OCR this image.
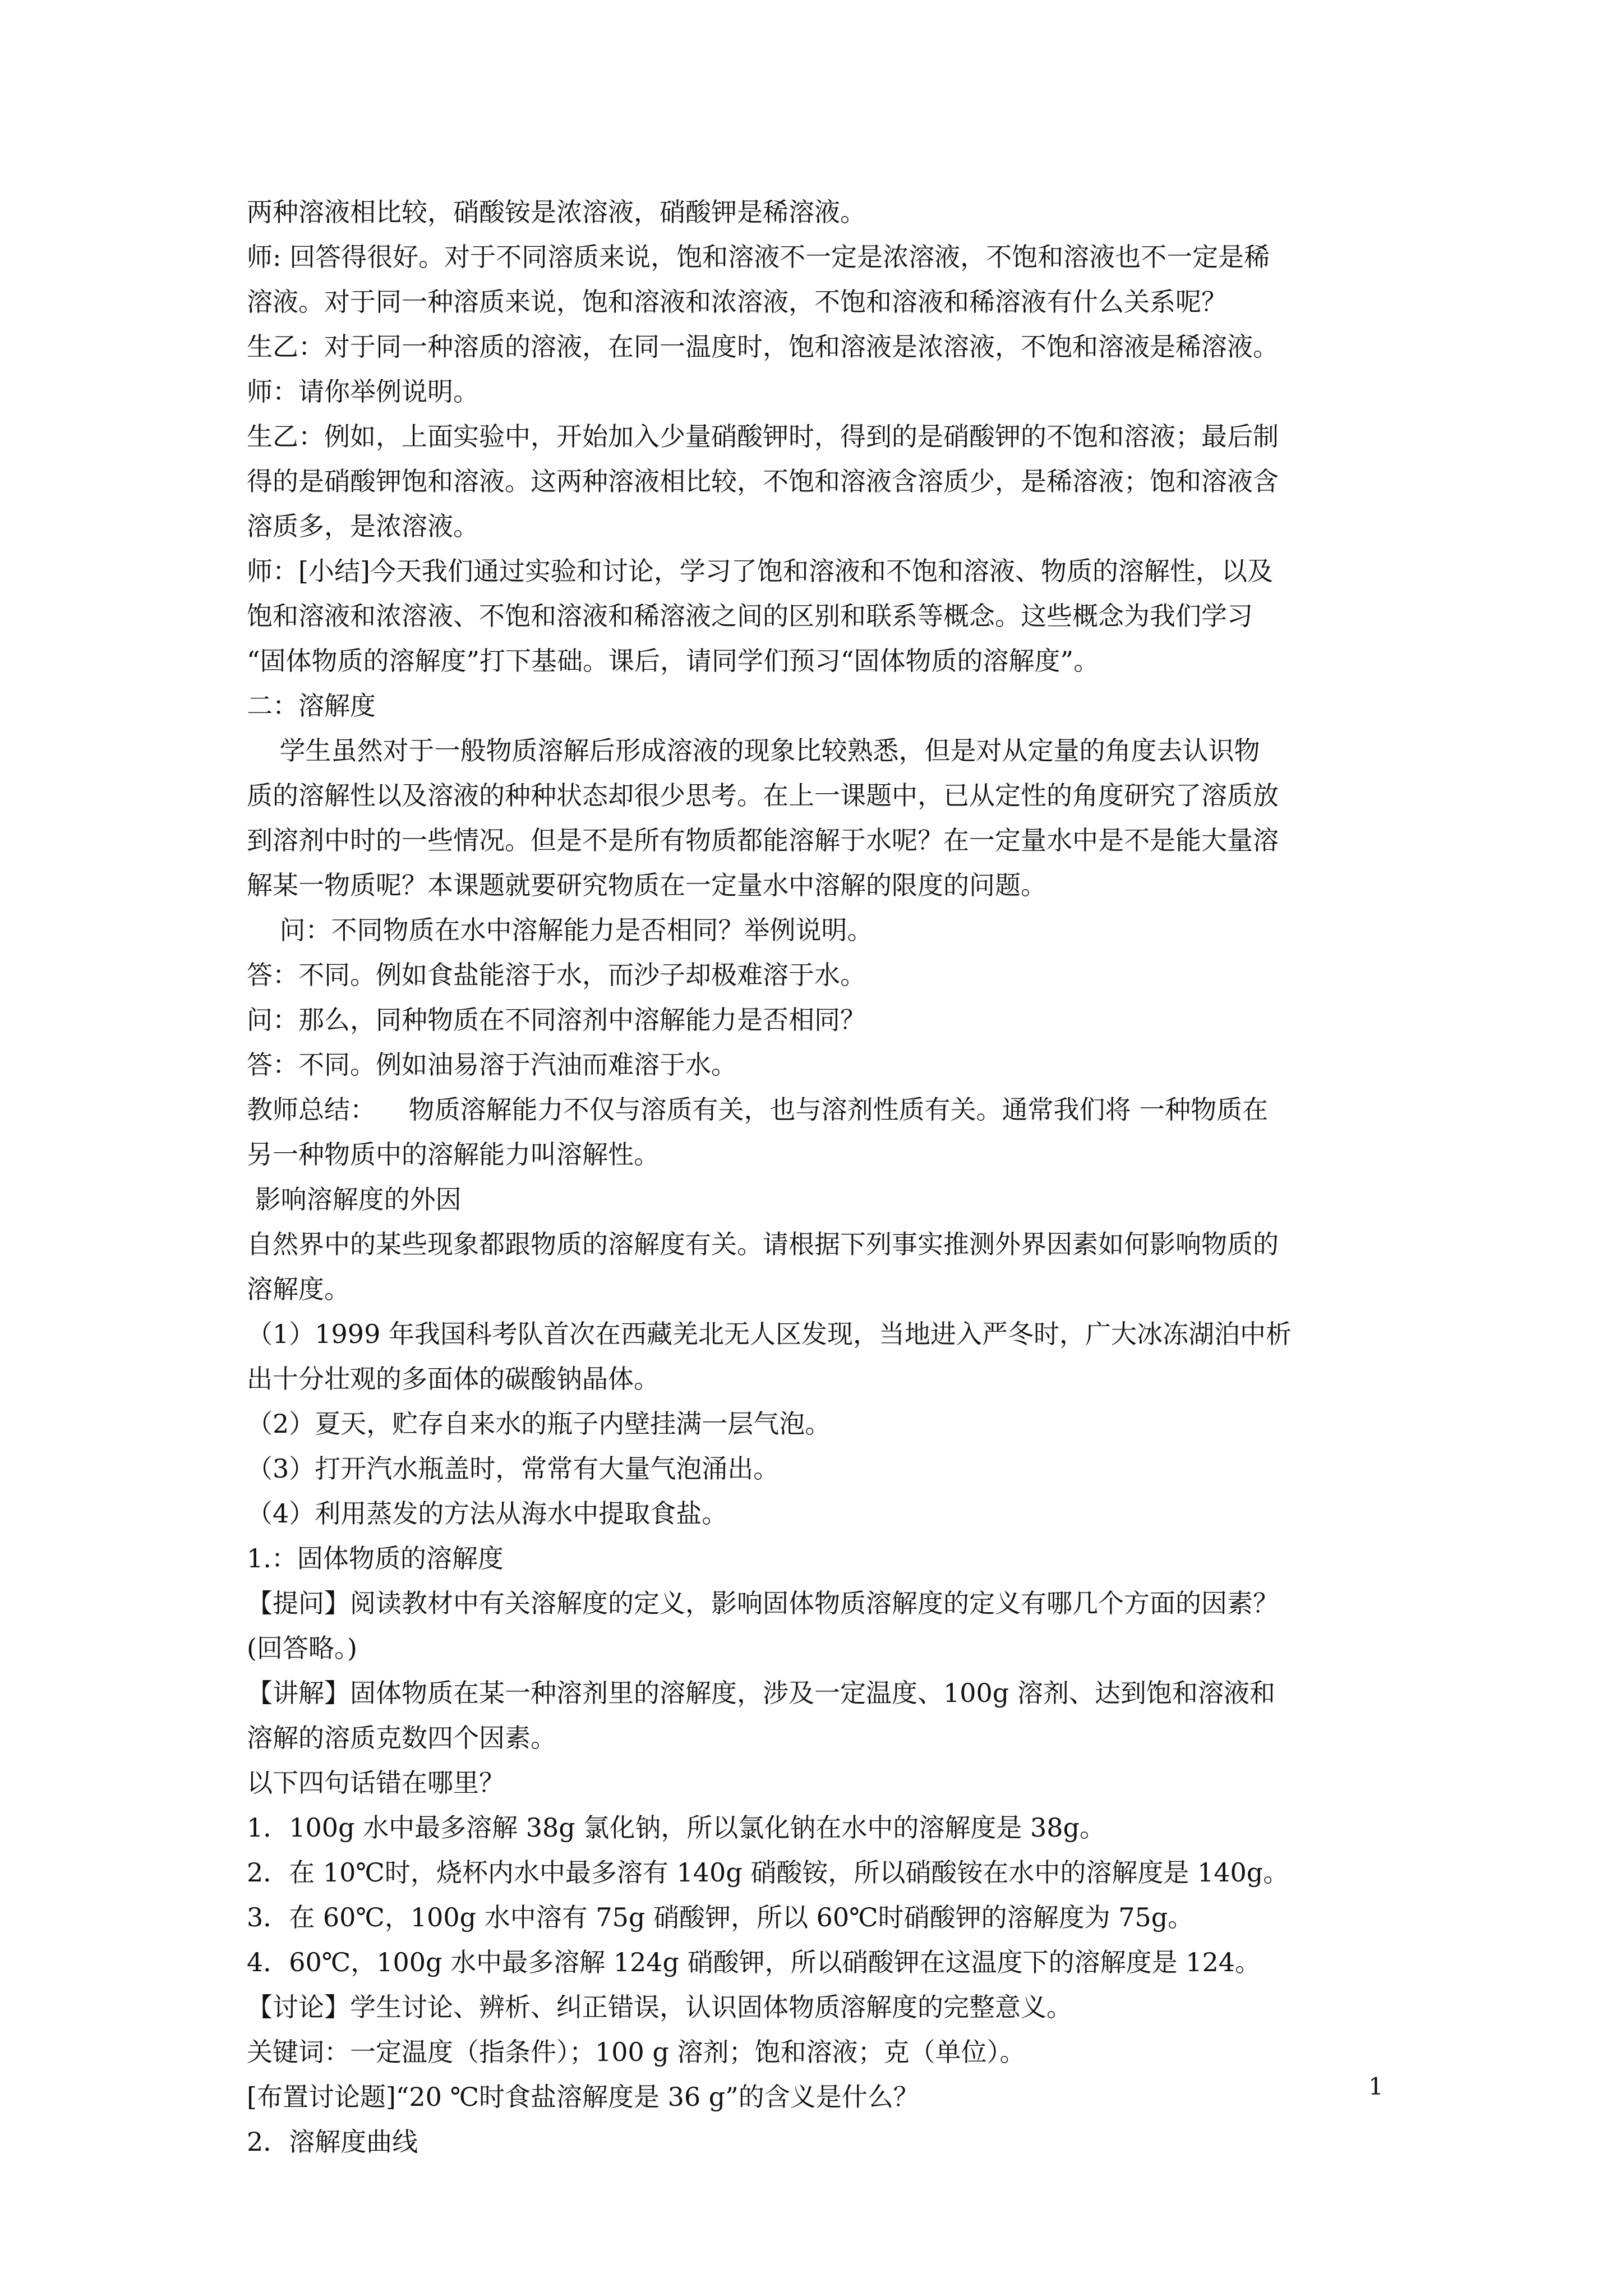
两种溶液相比较，硝酸铵是浓溶液，硝酸钾是稀溶液。
师: 回答得很好。对于不同溶质来说，饱和溶液不一定是浓溶液，不饱和溶液也不一定是稀
溶液。对于同一种溶质来说，饱和溶液和浓溶液，不饱和溶液和稀溶液有什么关系呢？
生乙：对于同一种溶质的溶液，在同一温度时，饱和溶液是浓溶液，不饱和溶液是稀溶液。
师：请你举例说明。
生乙：例如，上面实验中，开始加入少量硝酸钾时，得到的是硝酸钾的不饱和溶液；最后制
得的是硝酸钾饱和溶液。这两种溶液相比较，不饱和溶液含溶质少，是稀溶液；饱和溶液含
溶质多，是浓溶液。
师：[小结]今天我们通过实验和讨论，学习了饱和溶液和不饱和溶液、物质的溶解性，以及
饱和溶液和浓溶液、不饱和溶液和稀溶液之间的区别和联系等概念。这些概念为我们学习
“固体物质的溶解度”打下基础。课后，请同学们预习“固体物质的溶解度”。
二：溶解度
学生虽然对于一般物质溶解后形成溶液的现象比较熟悉，但是对从定量的角度去认识物
质的溶解性以及溶液的种种状态却很少思考。在上一课题中，已从定性的角度研究了溶质放
到溶剂中时的一些情况。但是不是所有物质都能溶解于水呢？在一定量水中是不是能大量溶
解某一物质呢？本课题就要研究物质在一定量水中溶解的限度的问题。
问：不同物质在水中溶解能力是否相同？举例说明。
答：不同。例如食盐能溶于水，而沙子却极难溶于水。
问：那么，同种物质在不同溶剂中溶解能力是否相同？
答：不同。例如油易溶于汽油而难溶于水。
教师总结：    物质溶解能力不仅与溶质有关，也与溶剂性质有关。通常我们将 一种物质在
另一种物质中的溶解能力叫溶解性。
影响溶解度的外因
自然界中的某些现象都跟物质的溶解度有关。请根据下列事实推测外界因素如何影响物质的
溶解度。
（1）1999 年我国科考队首次在西藏羌北无人区发现，当地进入严冬时，广大冰冻湖泊中析
出十分壮观的多面体的碳酸钠晶体。
（2）夏天，贮存自来水的瓶子内壁挂满一层气泡。
（3）打开汽水瓶盖时，常常有大量气泡涌出。
（4）利用蒸发的方法从海水中提取食盐。
1.：固体物质的溶解度
【提问】阅读教材中有关溶解度的定义，影响固体物质溶解度的定义有哪几个方面的因素？
(回答略。)
【讲解】固体物质在某一种溶剂里的溶解度，涉及一定温度、100g 溶剂、达到饱和溶液和
溶解的溶质克数四个因素。
以下四句话错在哪里？
1．100g 水中最多溶解 38g 氯化钠，所以氯化钠在水中的溶解度是 38g。
2．在 10℃时，烧杯内水中最多溶有 140g 硝酸铵，所以硝酸铵在水中的溶解度是 140g。
3．在 60℃，100g 水中溶有 75g 硝酸钾，所以 60℃时硝酸钾的溶解度为 75g。
4．60℃，100g 水中最多溶解 124g 硝酸钾，所以硝酸钾在这温度下的溶解度是 124。
【讨论】学生讨论、辨析、纠正错误，认识固体物质溶解度的完整意义。
关键词：一定温度（指条件）；100 g 溶剂；饱和溶液；克（单位）。
[布置讨论题]“20 ℃时食盐溶解度是 36 g”的含义是什么？
2．溶解度曲线
1
